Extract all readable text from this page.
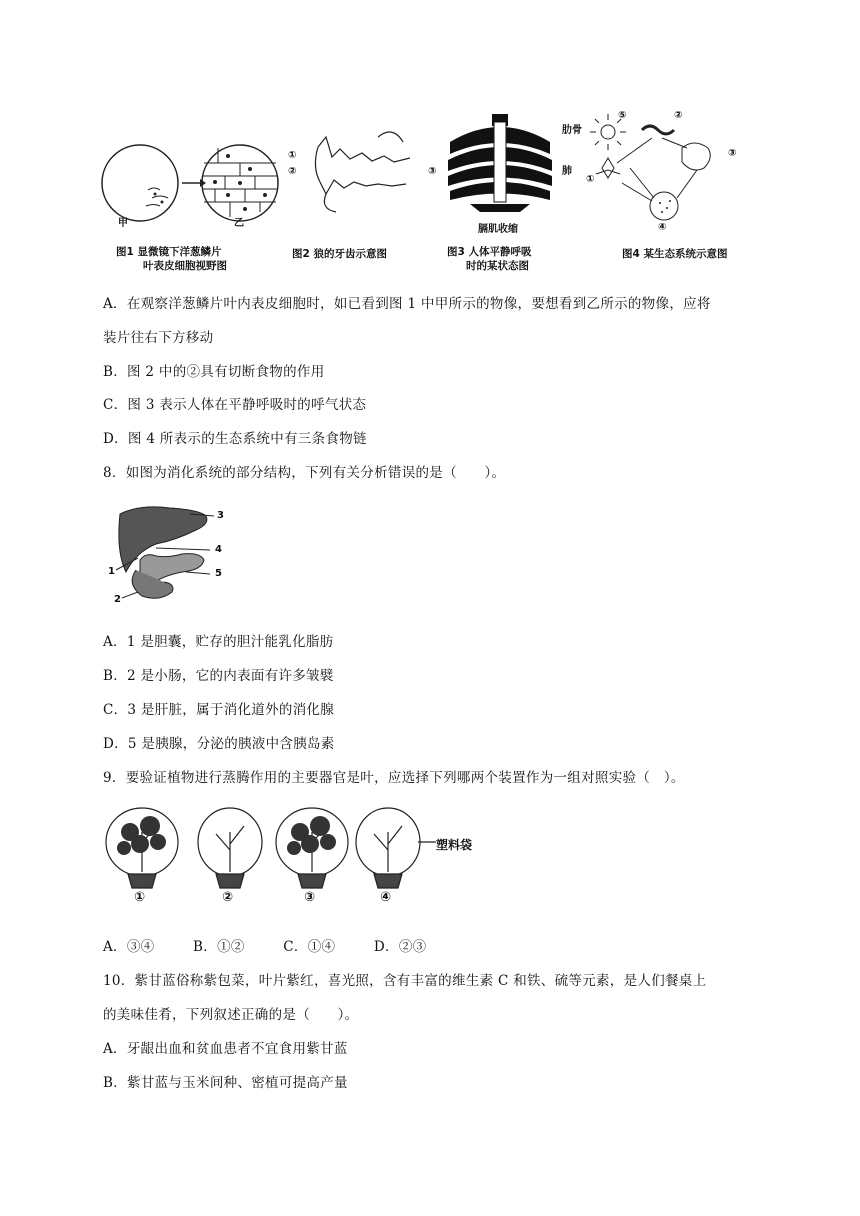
甲	乙
图1 显微镜下洋葱鳞片
叶表皮细胞视野图
①
②	③
图2 狼的牙齿示意图
肋骨
肺
膈肌收缩
图3 人体平静呼吸
时的某状态图
⑤	②
③
①
④
图4 某生态系统示意图
A．在观察洋葱鳞片叶内表皮细胞时，如已看到图 1 中甲所示的物像，要想看到乙所示的物像，应将
装片往右下方移动
B．图 2 中的②具有切断食物的作用
C．图 3 表示人体在平静呼吸时的呼气状态
D．图 4 所表示的生态系统中有三条食物链
8．如图为消化系统的部分结构，下列有关分析错误的是（　　）。
3
4
5
1
2
A．1 是胆囊，贮存的胆汁能乳化脂肪
B．2 是小肠，它的内表面有许多皱襞
C．3 是肝脏，属于消化道外的消化腺
D．5 是胰腺，分泌的胰液中含胰岛素
9．要验证植物进行蒸腾作用的主要器官是叶，应选择下列哪两个装置作为一组对照实验（　）。
①	②	③	④
塑料袋
A．③④	B．①②	C．①④	D．②③
10．紫甘蓝俗称紫包菜，叶片紫红，喜光照，含有丰富的维生素 C 和铁、硫等元素，是人们餐桌上
的美味佳肴，下列叙述正确的是（　　）。
A．牙龈出血和贫血患者不宜食用紫甘蓝
B．紫甘蓝与玉米间种、密植可提高产量
